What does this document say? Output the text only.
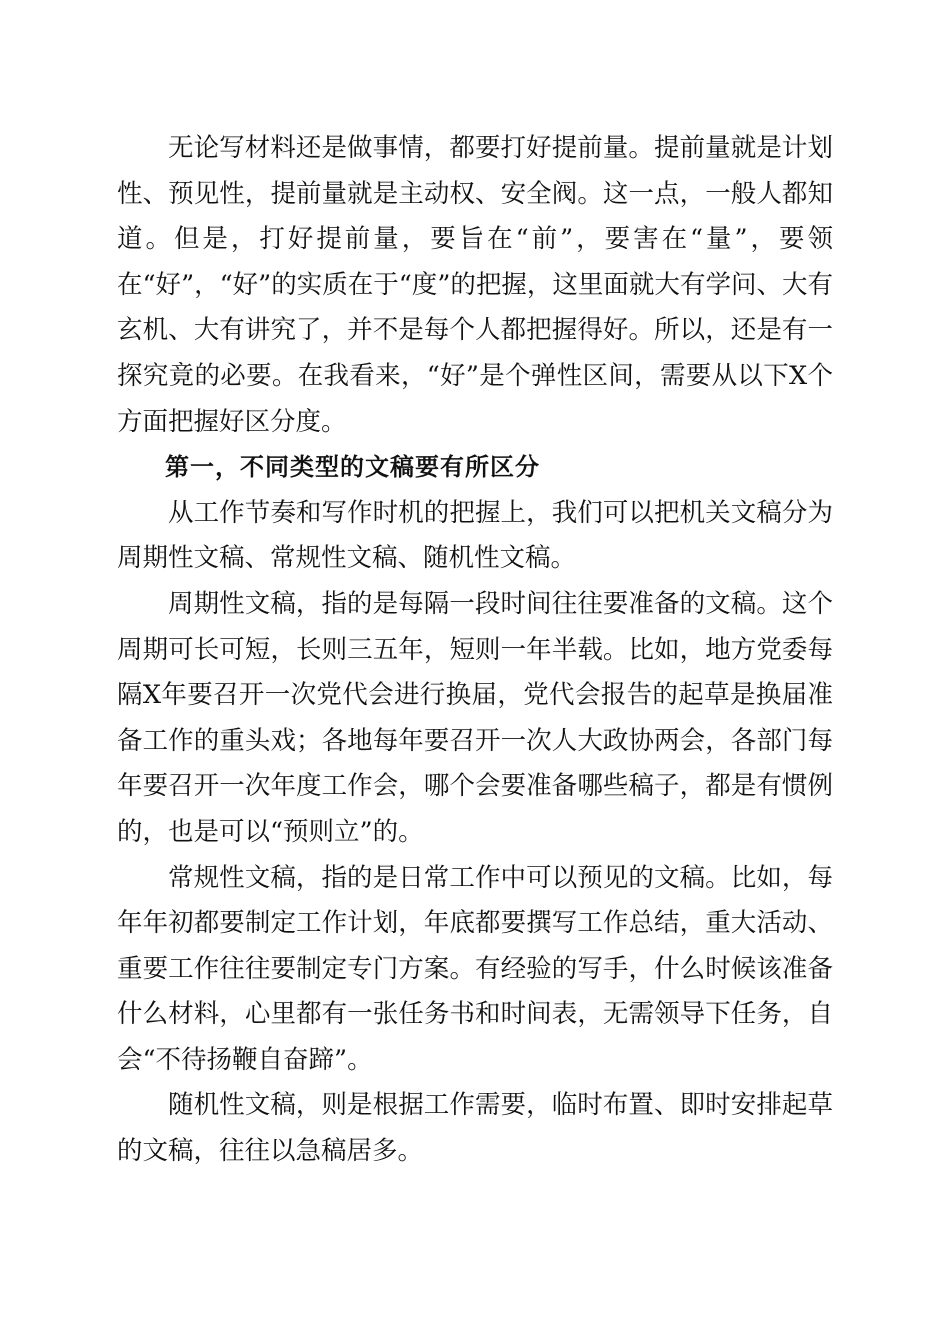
无论写材料还是做事情，都要打好提前量。提前量就是计划性、预见性，提前量就是主动权、安全阀。这一点，一般人都知道。但是，打好提前量，要旨在“前”，要害在“量”，要领在“好”，“好”的实质在于“度”的把握，这里面就大有学问、大有玄机、大有讲究了，并不是每个人都把握得好。所以，还是有一探究竟的必要。在我看来，“好”是个弹性区间，需要从以下X个方面把握好区分度。

第一，不同类型的文稿要有所区分

从工作节奏和写作时机的把握上，我们可以把机关文稿分为周期性文稿、常规性文稿、随机性文稿。

周期性文稿，指的是每隔一段时间往往要准备的文稿。这个周期可长可短，长则三五年，短则一年半载。比如，地方党委每隔X年要召开一次党代会进行换届，党代会报告的起草是换届准备工作的重头戏；各地每年要召开一次人大政协两会，各部门每年要召开一次年度工作会，哪个会要准备哪些稿子，都是有惯例的，也是可以“预则立”的。

常规性文稿，指的是日常工作中可以预见的文稿。比如，每年年初都要制定工作计划，年底都要撰写工作总结，重大活动、重要工作往往要制定专门方案。有经验的写手，什么时候该准备什么材料，心里都有一张任务书和时间表，无需领导下任务，自会“不待扬鞭自奋蹄”。

随机性文稿，则是根据工作需要，临时布置、即时安排起草的文稿，往往以急稿居多。
